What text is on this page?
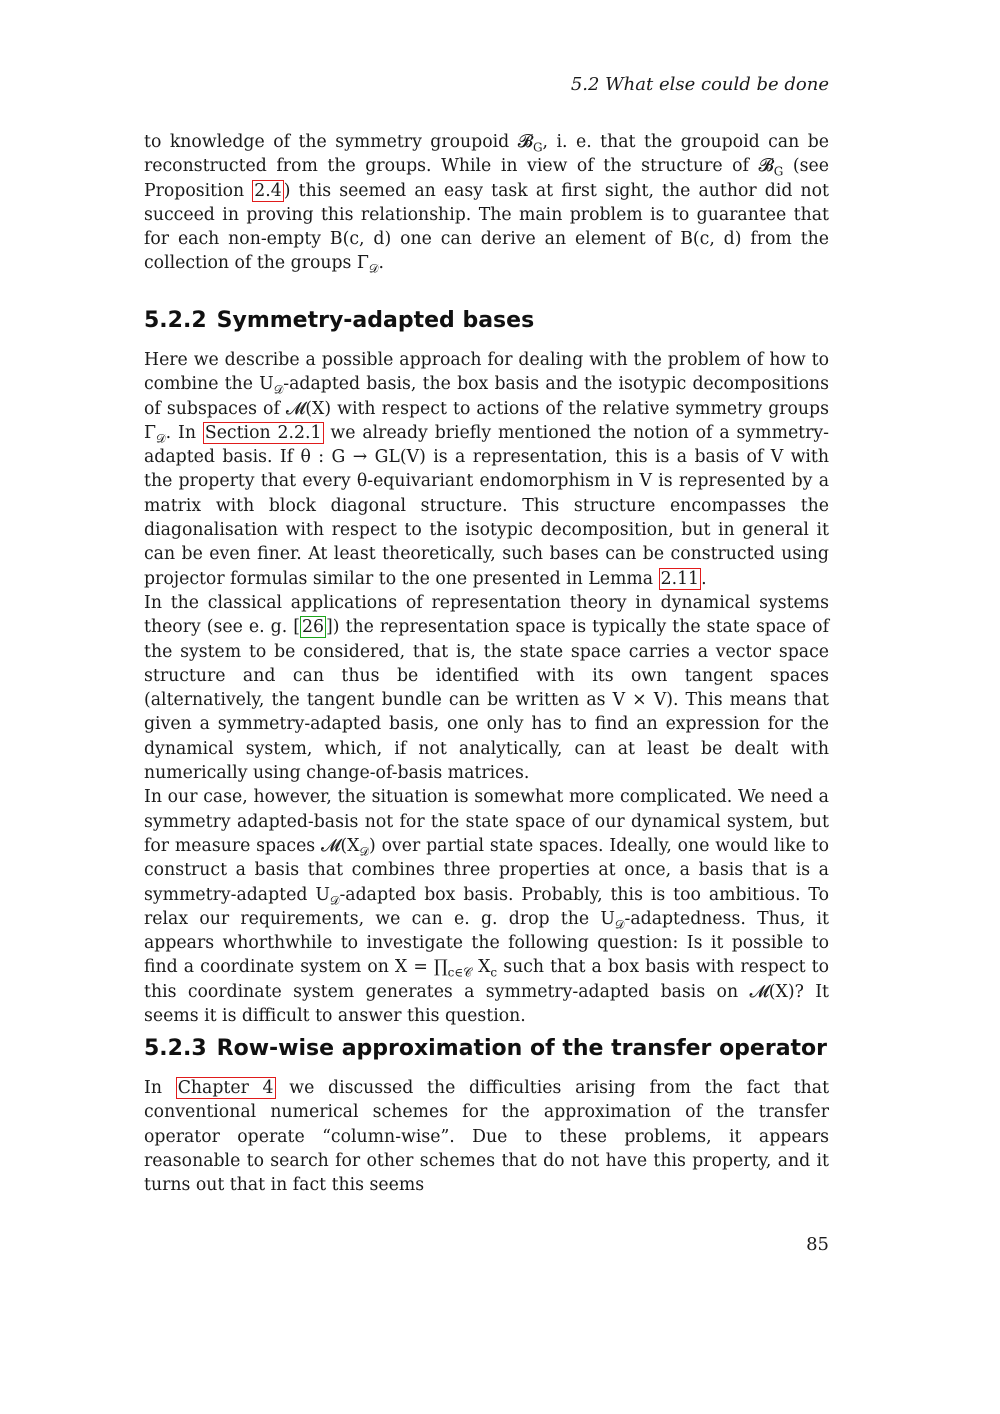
5.2 What else could be done

to knowledge of the symmetry groupoid 𝓑$_G$, i. e. that the groupoid can be reconstructed from the groups. While in view of the structure of 𝓑$_G$ (see Proposition 2.4 ) this seemed an easy task at first sight, the author did not succeed in proving this relationship. The main problem is to guarantee that for each non-empty B(c, d) one can derive an element of B(c, d) from the collection of the groups $\Gamma_𝒟$.

5.2.2 Symmetry-adapted bases

Here we describe a possible approach for dealing with the problem of how to combine the $U_𝒟$-adapted basis, the box basis and the isotypic decompositions of subspaces of 𝓜(X) with respect to actions of the relative symmetry groups $\Gamma_𝒟$. In Section 2.2.1 we already briefly mentioned the notion of a symmetry-adapted basis. If θ : G → GL(V) is a representation, this is a basis of V with the property that every θ-equivariant endomorphism in V is represented by a matrix with block diagonal structure. This structure encompasses the diagonalisation with respect to the isotypic decomposition, but in general it can be even finer. At least theoretically, such bases can be constructed using projector formulas similar to the one presented in Lemma 2.11 .

In the classical applications of representation theory in dynamical systems theory (see e. g. [ 26 ]) the representation space is typically the state space of the system to be considered, that is, the state space carries a vector space structure and can thus be identified with its own tangent spaces (alternatively, the tangent bundle can be written as V × V). This means that given a symmetry-adapted basis, one only has to find an expression for the dynamical system, which, if not analytically, can at least be dealt with numerically using change-of-basis matrices.

In our case, however, the situation is somewhat more complicated. We need a symmetry adapted-basis not for the state space of our dynamical system, but for measure spaces $𝓜(X_𝒟)$ over partial state spaces. Ideally, one would like to construct a basis that combines three properties at once, a basis that is a symmetry-adapted $U_𝒟$-adapted box basis. Probably, this is too ambitious. To relax our requirements, we can e. g. drop the $U_𝒟$-adaptedness. Thus, it appears whorthwhile to investigate the following question: Is it possible to find a coordinate system on $X = \prod_{c\in 𝒞}$ $X_c$ such that a box basis with respect to this coordinate system generates a symmetry-adapted basis on 𝓜(X)? It seems it is difficult to answer this question.

5.2.3 Row-wise approximation of the transfer operator

In Chapter 4 we discussed the difficulties arising from the fact that conventional numerical schemes for the approximation of the transfer operator operate “column-wise”. Due to these problems, it appears reasonable to search for other schemes that do not have this property, and it turns out that in fact this seems

85
